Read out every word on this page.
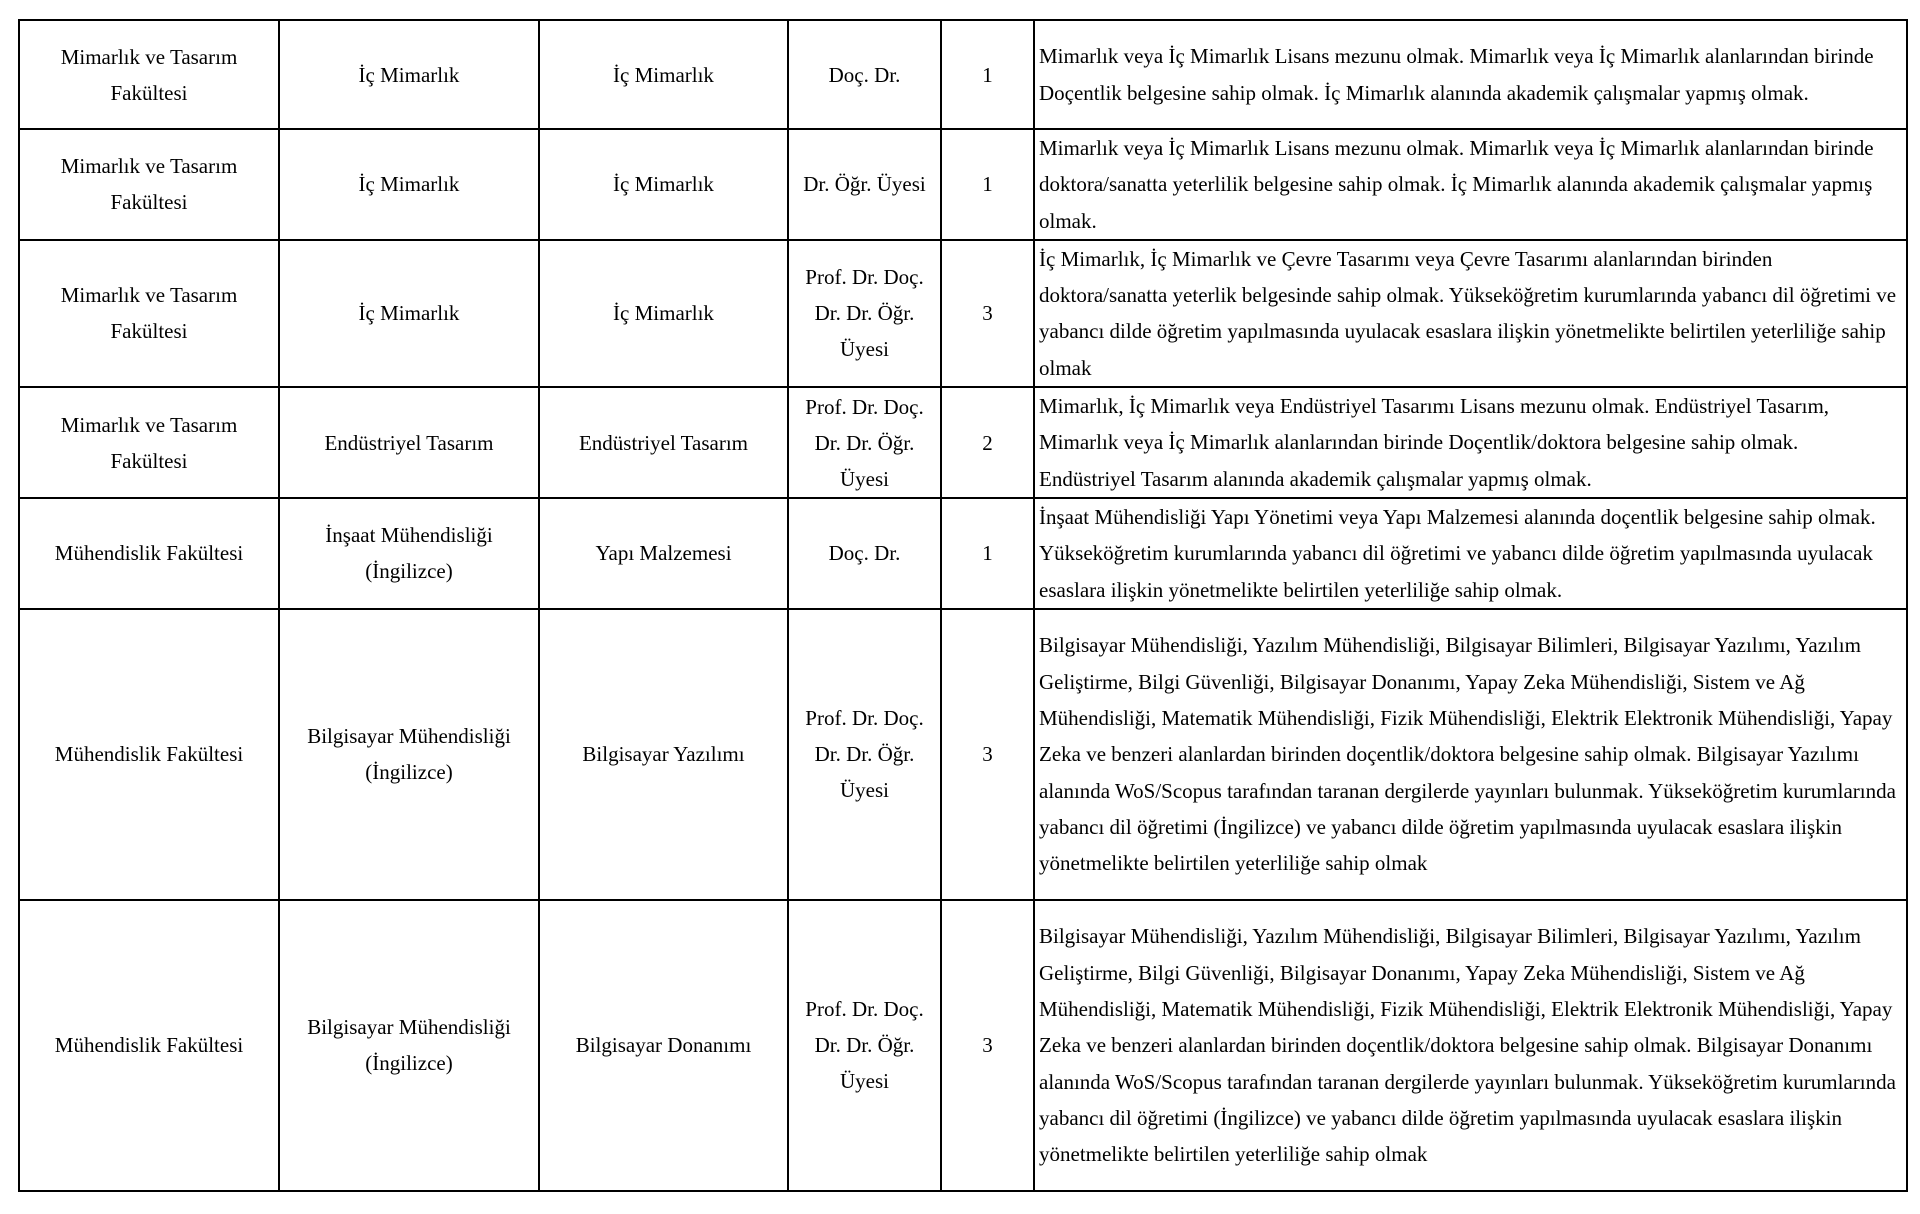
Mimarlık ve Tasarım Fakültesi	İç Mimarlık	İç Mimarlık	Doç. Dr.	1	Mimarlık veya İç Mimarlık Lisans mezunu olmak. Mimarlık veya İç Mimarlık alanlarından birinde Doçentlik belgesine sahip olmak. İç Mimarlık alanında akademik çalışmalar yapmış olmak.
Mimarlık ve Tasarım Fakültesi	İç Mimarlık	İç Mimarlık	Dr. Öğr. Üyesi	1	Mimarlık veya İç Mimarlık Lisans mezunu olmak. Mimarlık veya İç Mimarlık alanlarından birinde doktora/sanatta yeterlilik belgesine sahip olmak. İç Mimarlık alanında akademik çalışmalar yapmış olmak.
Mimarlık ve Tasarım Fakültesi	İç Mimarlık	İç Mimarlık	Prof. Dr. Doç. Dr. Dr. Öğr. Üyesi	3	İç Mimarlık, İç Mimarlık ve Çevre Tasarımı veya Çevre Tasarımı alanlarından birinden doktora/sanatta yeterlik belgesinde sahip olmak. Yükseköğretim kurumlarında yabancı dil öğretimi ve yabancı dilde öğretim yapılmasında uyulacak esaslara ilişkin yönetmelikte belirtilen yeterliliğe sahip olmak
Mimarlık ve Tasarım Fakültesi	Endüstriyel Tasarım	Endüstriyel Tasarım	Prof. Dr. Doç. Dr. Dr. Öğr. Üyesi	2	Mimarlık, İç Mimarlık veya Endüstriyel Tasarımı Lisans mezunu olmak. Endüstriyel Tasarım, Mimarlık veya İç Mimarlık alanlarından birinde Doçentlik/doktora belgesine sahip olmak. Endüstriyel Tasarım alanında akademik çalışmalar yapmış olmak.
Mühendislik Fakültesi	İnşaat Mühendisliği (İngilizce)	Yapı Malzemesi	Doç. Dr.	1	İnşaat Mühendisliği Yapı Yönetimi veya Yapı Malzemesi alanında doçentlik belgesine sahip olmak. Yükseköğretim kurumlarında yabancı dil öğretimi ve yabancı dilde öğretim yapılmasında uyulacak esaslara ilişkin yönetmelikte belirtilen yeterliliğe sahip olmak.
Mühendislik Fakültesi	Bilgisayar Mühendisliği (İngilizce)	Bilgisayar Yazılımı	Prof. Dr. Doç. Dr. Dr. Öğr. Üyesi	3	Bilgisayar Mühendisliği, Yazılım Mühendisliği, Bilgisayar Bilimleri, Bilgisayar Yazılımı, Yazılım Geliştirme, Bilgi Güvenliği, Bilgisayar Donanımı, Yapay Zeka Mühendisliği, Sistem ve Ağ Mühendisliği, Matematik Mühendisliği, Fizik Mühendisliği, Elektrik Elektronik Mühendisliği, Yapay Zeka ve benzeri alanlardan birinden doçentlik/doktora belgesine sahip olmak. Bilgisayar Yazılımı alanında WoS/Scopus tarafından taranan dergilerde yayınları bulunmak. Yükseköğretim kurumlarında yabancı dil öğretimi (İngilizce) ve yabancı dilde öğretim yapılmasında uyulacak esaslara ilişkin yönetmelikte belirtilen yeterliliğe sahip olmak
Mühendislik Fakültesi	Bilgisayar Mühendisliği (İngilizce)	Bilgisayar Donanımı	Prof. Dr. Doç. Dr. Dr. Öğr. Üyesi	3	Bilgisayar Mühendisliği, Yazılım Mühendisliği, Bilgisayar Bilimleri, Bilgisayar Yazılımı, Yazılım Geliştirme, Bilgi Güvenliği, Bilgisayar Donanımı, Yapay Zeka Mühendisliği, Sistem ve Ağ Mühendisliği, Matematik Mühendisliği, Fizik Mühendisliği, Elektrik Elektronik Mühendisliği, Yapay Zeka ve benzeri alanlardan birinden doçentlik/doktora belgesine sahip olmak. Bilgisayar Donanımı alanında WoS/Scopus tarafından taranan dergilerde yayınları bulunmak. Yükseköğretim kurumlarında yabancı dil öğretimi (İngilizce) ve yabancı dilde öğretim yapılmasında uyulacak esaslara ilişkin yönetmelikte belirtilen yeterliliğe sahip olmak
